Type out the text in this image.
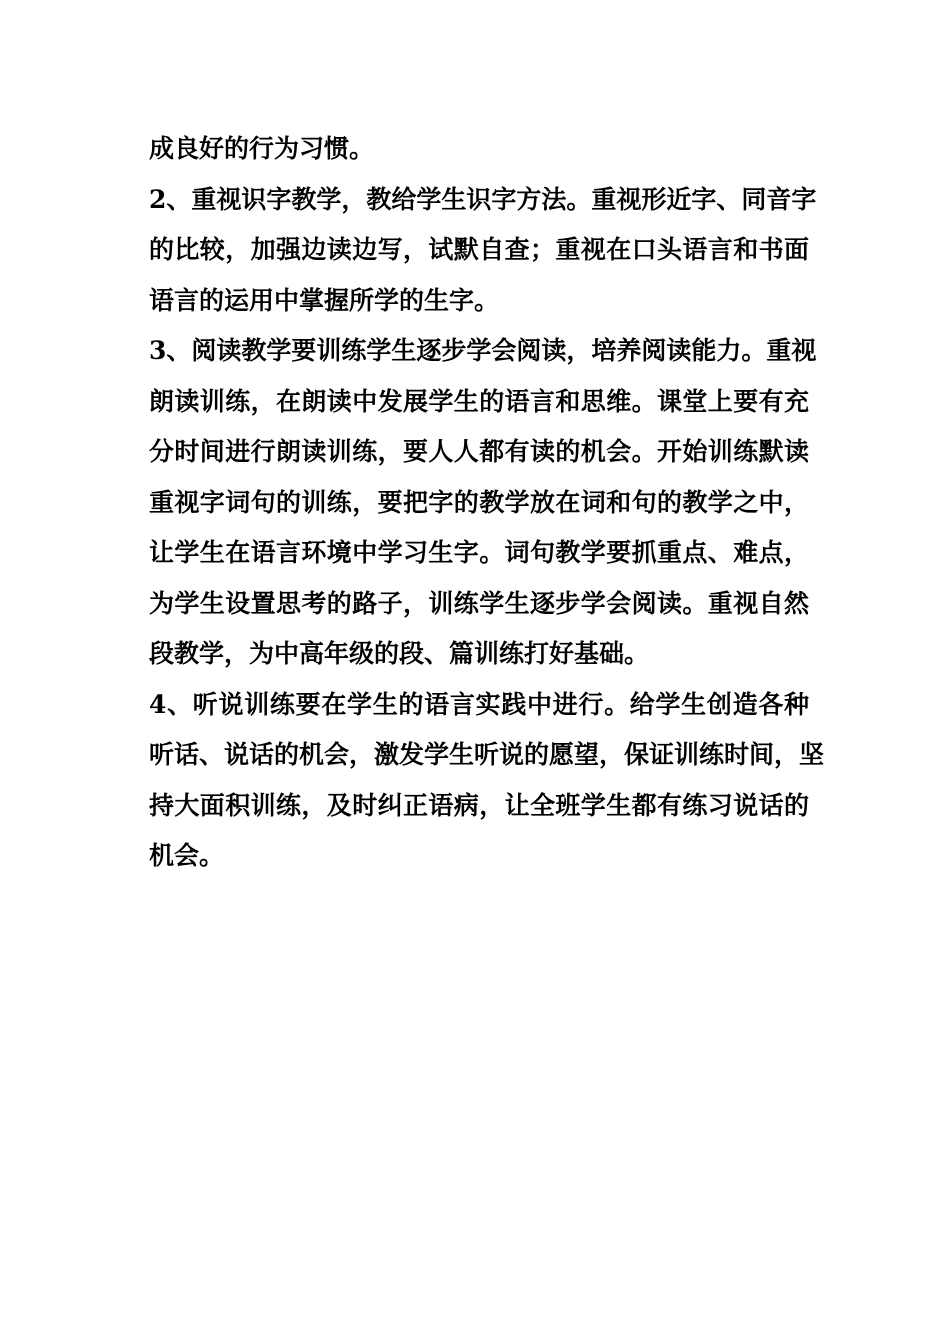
成良好的行为习惯。
2、重视识字教学，教给学生识字方法。重视形近字、同音字
的比较，加强边读边写，试默自查；重视在口头语言和书面
语言的运用中掌握所学的生字。
3、阅读教学要训练学生逐步学会阅读，培养阅读能力。重视
朗读训练，在朗读中发展学生的语言和思维。课堂上要有充
分时间进行朗读训练，要人人都有读的机会。开始训练默读
重视字词句的训练，要把字的教学放在词和句的教学之中，
让学生在语言环境中学习生字。词句教学要抓重点、难点，
为学生设置思考的路子，训练学生逐步学会阅读。重视自然
段教学，为中高年级的段、篇训练打好基础。
4、听说训练要在学生的语言实践中进行。给学生创造各种
听话、说话的机会，激发学生听说的愿望，保证训练时间，坚
持大面积训练，及时纠正语病，让全班学生都有练习说话的
机会。
